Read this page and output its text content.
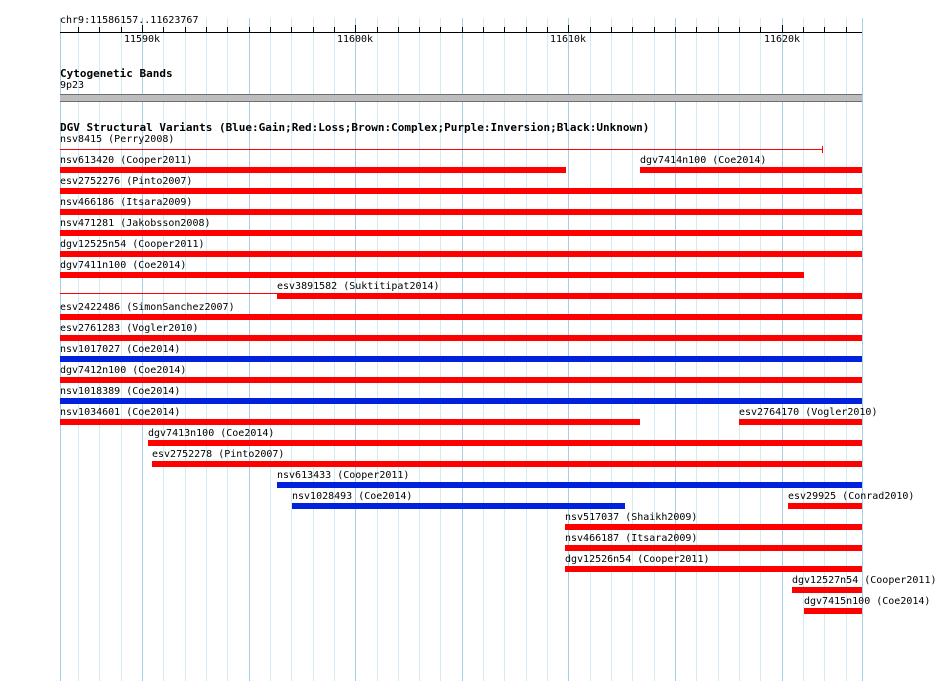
chr9:11586157..11623767
11590k	11600k	11610k	11620k
Cytogenetic Bands
9p23
DGV Structural Variants (Blue:Gain;Red:Loss;Brown:Complex;Purple:Inversion;Black:Unknown)
nsv8415 (Perry2008)
nsv613420 (Cooper2011)	dgv7414n100 (Coe2014)
esv2752276 (Pinto2007)
nsv466186 (Itsara2009)
nsv471281 (Jakobsson2008)
dgv12525n54 (Cooper2011)
dgv7411n100 (Coe2014)
esv3891582 (Suktitipat2014)
esv2422486 (SimonSanchez2007)
esv2761283 (Vogler2010)
nsv1017027 (Coe2014)
dgv7412n100 (Coe2014)
nsv1018389 (Coe2014)
nsv1034601 (Coe2014)	esv2764170 (Vogler2010)
dgv7413n100 (Coe2014)
esv2752278 (Pinto2007)
nsv613433 (Cooper2011)
nsv1028493 (Coe2014)	esv29925 (Conrad2010)
nsv517037 (Shaikh2009)
nsv466187 (Itsara2009)
dgv12526n54 (Cooper2011)
dgv12527n54 (Cooper2011)
dgv7415n100 (Coe2014)
